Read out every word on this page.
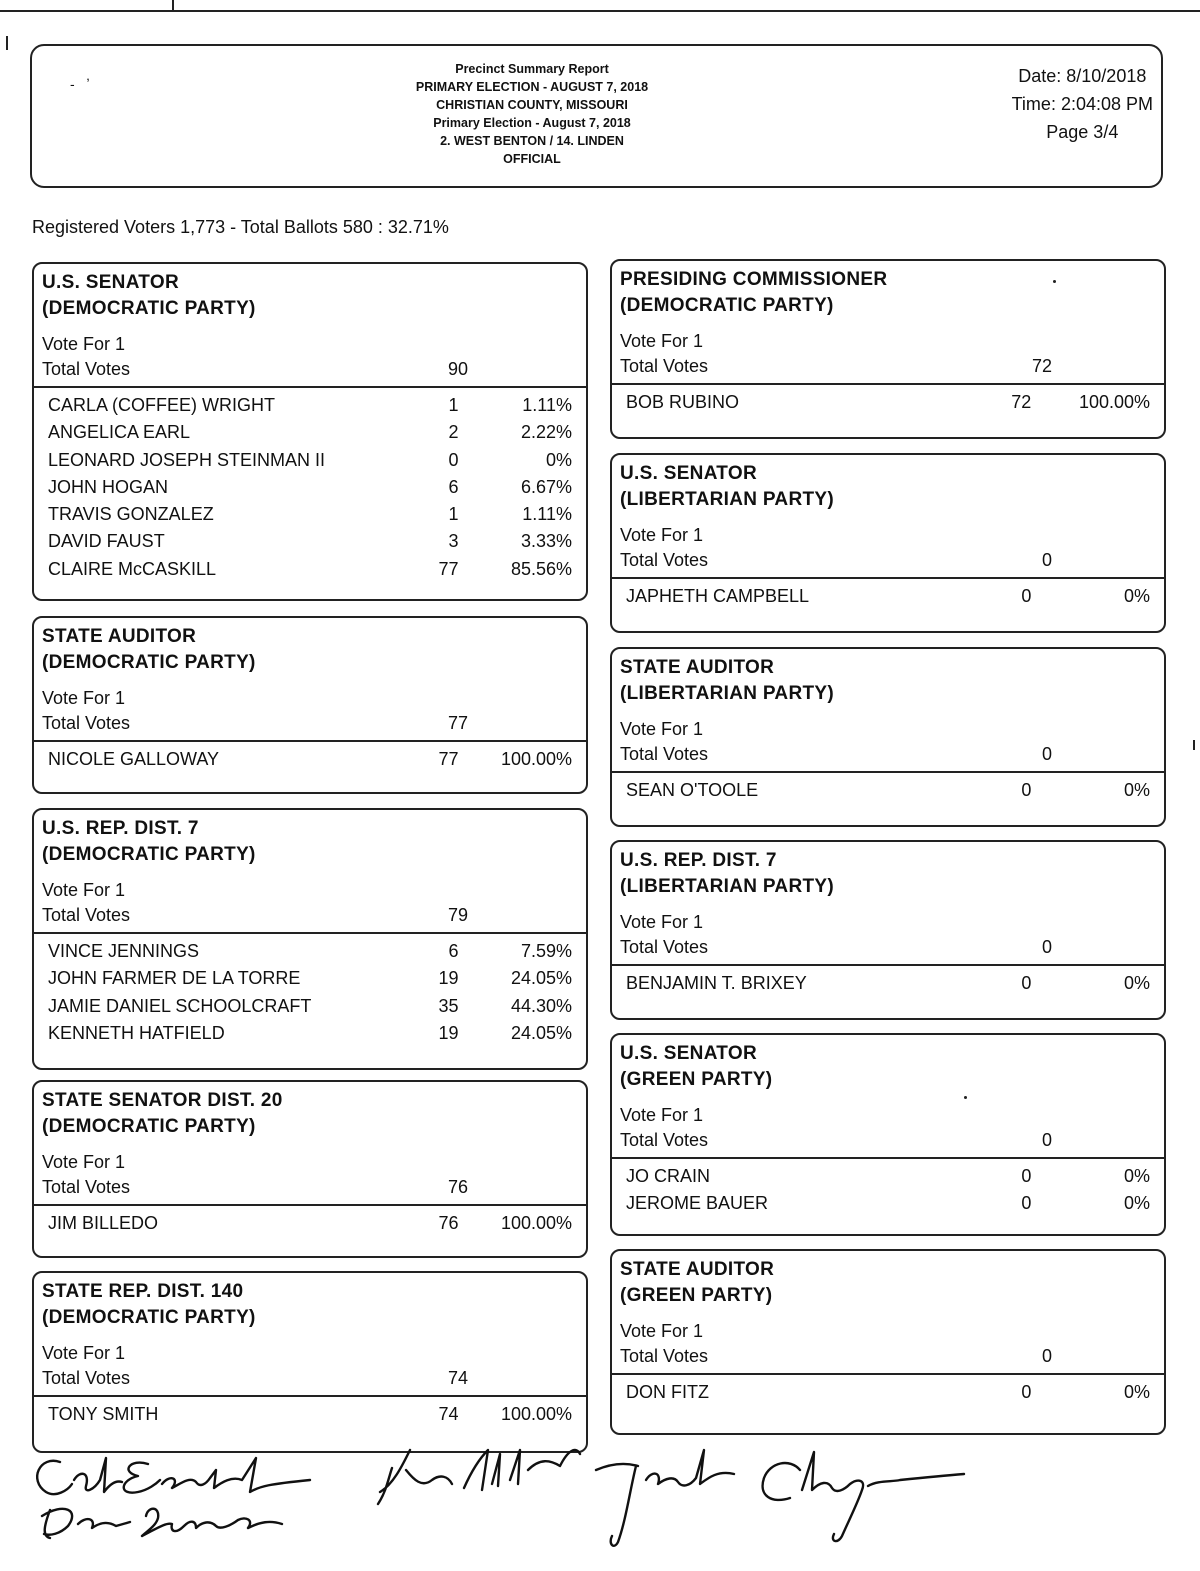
- ʼ
Precinct Summary Report
PRIMARY ELECTION - AUGUST 7, 2018
CHRISTIAN COUNTY, MISSOURI
Primary Election - August 7, 2018
2. WEST BENTON / 14. LINDEN
OFFICIAL
Date: 8/10/2018
Time: 2:04:08 PM
Page 3/4
Registered Voters 1,773 - Total Ballots 580 : 32.71%
U.S. SENATOR
(DEMOCRATIC PARTY)
Vote For 1
Total Votes	90
CARLA (COFFEE) WRIGHT	1	1.11%
ANGELICA EARL	2	2.22%
LEONARD JOSEPH STEINMAN II	0	0%
JOHN HOGAN	6	6.67%
TRAVIS GONZALEZ	1	1.11%
DAVID FAUST	3	3.33%
CLAIRE McCASKILL	77	85.56%
STATE AUDITOR
(DEMOCRATIC PARTY)
Vote For 1
Total Votes	77
NICOLE GALLOWAY	77	100.00%
U.S. REP. DIST. 7
(DEMOCRATIC PARTY)
Vote For 1
Total Votes	79
VINCE JENNINGS	6	7.59%
JOHN FARMER DE LA TORRE	19	24.05%
JAMIE DANIEL SCHOOLCRAFT	35	44.30%
KENNETH HATFIELD	19	24.05%
STATE SENATOR DIST. 20
(DEMOCRATIC PARTY)
Vote For 1
Total Votes	76
JIM BILLEDO	76	100.00%
STATE REP. DIST. 140
(DEMOCRATIC PARTY)
Vote For 1
Total Votes	74
TONY SMITH	74	100.00%
PRESIDING COMMISSIONER
(DEMOCRATIC PARTY)
Vote For 1
Total Votes	72
BOB RUBINO	72	100.00%
U.S. SENATOR
(LIBERTARIAN PARTY)
Vote For 1
Total Votes	0
JAPHETH CAMPBELL	0	0%
STATE AUDITOR
(LIBERTARIAN PARTY)
Vote For 1
Total Votes	0
SEAN O'TOOLE	0	0%
U.S. REP. DIST. 7
(LIBERTARIAN PARTY)
Vote For 1
Total Votes	0
BENJAMIN T. BRIXEY	0	0%
U.S. SENATOR
(GREEN PARTY)
Vote For 1
Total Votes	0
JO CRAIN	0	0%
JEROME BAUER	0	0%
STATE AUDITOR
(GREEN PARTY)
Vote For 1
Total Votes	0
DON FITZ	0	0%
